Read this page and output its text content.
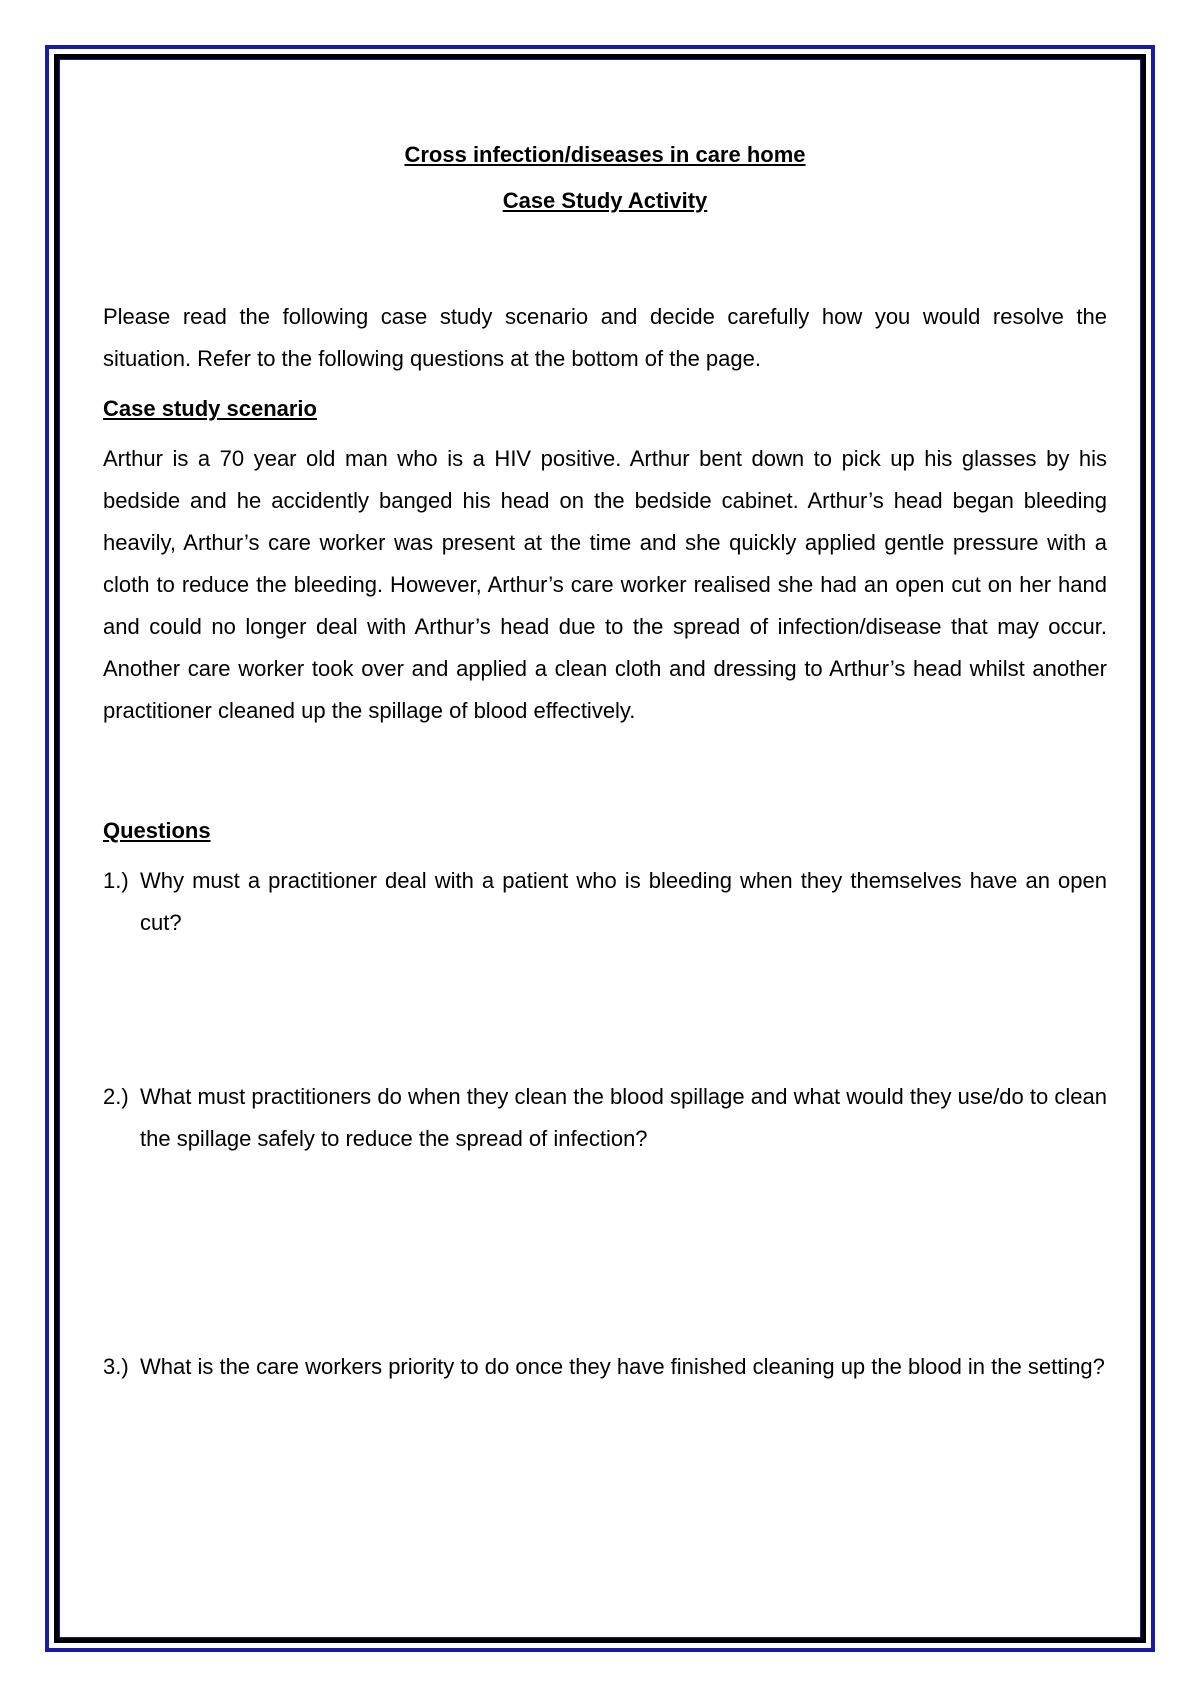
Cross infection/diseases in care home

Case Study Activity

Please read the following case study scenario and decide carefully how you would resolve the situation. Refer to the following questions at the bottom of the page.

Case study scenario

Arthur is a 70 year old man who is a HIV positive. Arthur bent down to pick up his glasses by his bedside and he accidently banged his head on the bedside cabinet. Arthur’s head began bleeding heavily, Arthur’s care worker was present at the time and she quickly applied gentle pressure with a cloth to reduce the bleeding. However, Arthur’s care worker realised she had an open cut on her hand and could no longer deal with Arthur’s head due to the spread of infection/disease that may occur. Another care worker took over and applied a clean cloth and dressing to Arthur’s head whilst another practitioner cleaned up the spillage of blood effectively.

Questions

1.) Why must a practitioner deal with a patient who is bleeding when they themselves have an open cut?

2.) What must practitioners do when they clean the blood spillage and what would they use/do to clean the spillage safely to reduce the spread of infection?

3.) What is the care workers priority to do once they have finished cleaning up the blood in the setting?
